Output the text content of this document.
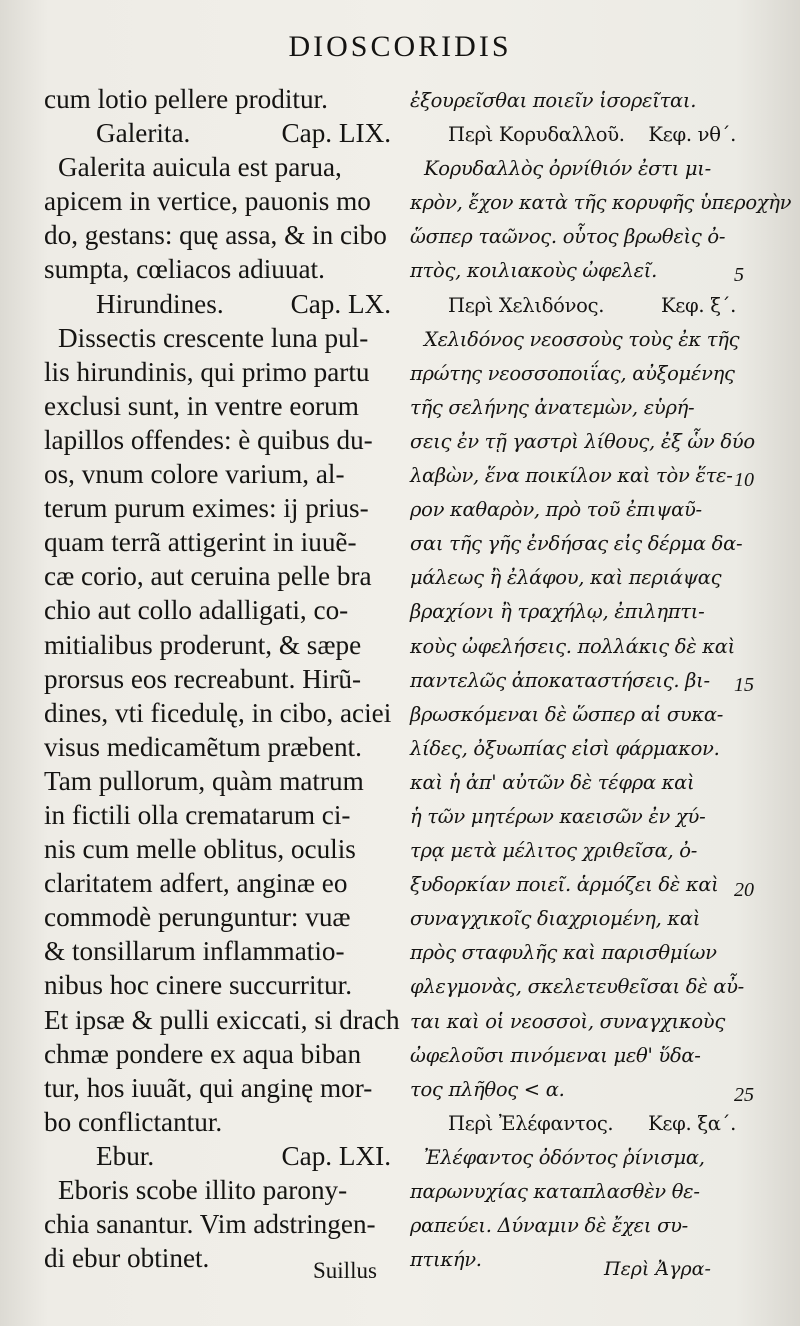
DIOSCORIDIS
cum lotio pellere proditur.
Galerita.	Cap. LIX.
Galerita auicula est parua,
apicem in vertice, pauonis mo
do, gestans: quę assa, & in cibo
sumpta, cœliacos adiuuat.
Hirundines. Cap. LX.
Dissectis crescente luna pul-
lis hirundinis, qui primo partu
exclusi sunt, in ventre eorum
lapillos offendes: è quibus du-
os, vnum colore varium, al-
terum purum eximes: ij prius-
quam terrã attigerint in iuuẽ-
cæ corio, aut ceruina pelle bra
chio aut collo adalligati, co-
mitialibus proderunt, & sæpe
prorsus eos recreabunt. Hirũ-
dines, vti ficedulę, in cibo, aciei
visus medicamẽtum præbent.
Tam pullorum, quàm matrum
in fictili olla crematarum ci-
nis cum melle oblitus, oculis
claritatem adfert, anginæ eo
commodè perunguntur: vuæ
& tonsillarum inflammatio-
nibus hoc cinere succurritur.
Et ipsæ & pulli exiccati, si drach
chmæ pondere ex aqua biban
tur, hos iuuãt, qui anginę mor-
bo conflictantur.
Ebur.	Cap. LXI.
Eboris scobe illito parony-
chia sanantur. Vim adstringen-
di ebur obtinet.
ἐξουρεῖσθαι ποιεῖν ἱσορεῖται.
Περὶ Κορυδαλλοῦ. Κεφ. νθ΄.
Κορυδαλλὸς ὀρνίθιόν ἐστι μι-
κρὸν, ἔχον κατὰ τῆς κορυφῆς ὑπεροχὴν
ὥσπερ ταῶνος. οὗτος βρωθεὶς ὀ-
πτὸς, κοιλιακοὺς ὠφελεῖ.
Περὶ Χελιδόνος.	Κεφ. ξ΄.
Χελιδόνος νεοσσοὺς τοὺς ἐκ τῆς
πρώτης νεοσσοποιΐας, αὐξομένης
τῆς σελήνης ἀνατεμὼν, εὑρή-
σεις ἐν τῇ γαστρὶ λίθους, ἐξ ὧν δύο
λαβὼν, ἕνα ποικίλον καὶ τὸν ἕτε-
ρον καθαρὸν, πρὸ τοῦ ἐπιψαῦ-
σαι τῆς γῆς ἐνδήσας εἰς δέρμα δα-
μάλεως ἢ ἐλάφου, καὶ περιάψας
βραχίονι ἢ τραχήλῳ, ἐπιληπτι-
κοὺς ὠφελήσεις. πολλάκις δὲ καὶ
παντελῶς ἀποκαταστήσεις. βι-
βρωσκόμεναι δὲ ὥσπερ αἱ συκα-
λίδες, ὀξυωπίας εἰσὶ φάρμακον.
καὶ ἡ ἀπ' αὐτῶν δὲ τέφρα καὶ
ἡ τῶν μητέρων καεισῶν ἐν χύ-
τρᾳ μετὰ μέλιτος χριθεῖσα, ὀ-
ξυδορκίαν ποιεῖ. ἁρμόζει δὲ καὶ
συναγχικοῖς διαχριομένη, καὶ
πρὸς σταφυλῆς καὶ παρισθμίων
φλεγμονὰς, σκελετευθεῖσαι δὲ αὖ-
ται καὶ οἱ νεοσσοὶ, συναγχικοὺς
ὠφελοῦσι πινόμεναι μεθ' ὕδα-
τος πλῆθος < α.
Περὶ Ἐλέφαντος. Κεφ. ξα΄.
Ἐλέφαντος ὀδόντος ῥίνισμα,
παρωνυχίας καταπλασθὲν θε-
ραπεύει. Δύναμιν δὲ ἔχει συ-
πτικήν.
5
10
15
20
25
Suillus	Περὶ Ἀγρα-
